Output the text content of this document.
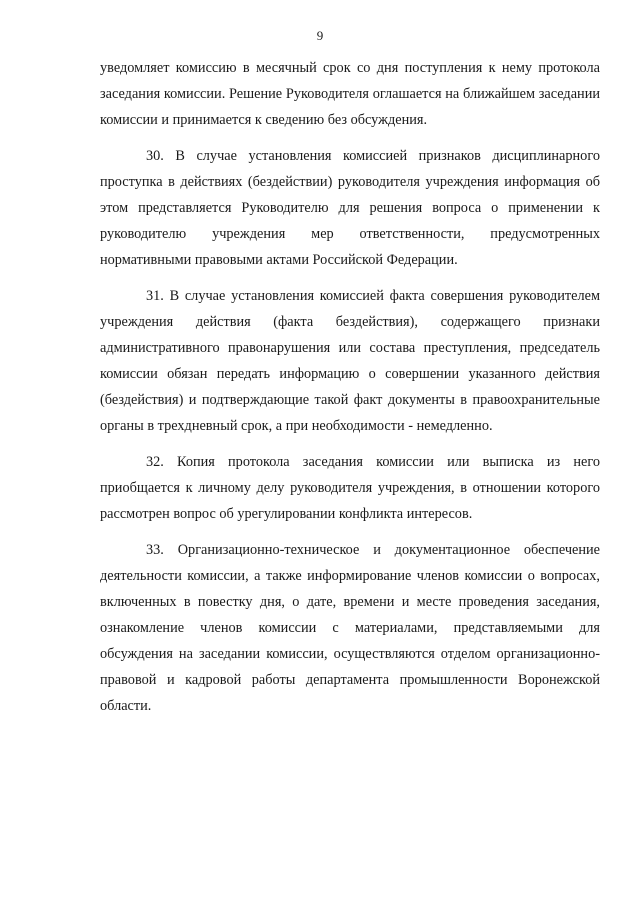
9

уведомляет комиссию в месячный срок со дня поступления к нему протокола заседания комиссии. Решение Руководителя оглашается на ближайшем заседании комиссии и принимается к сведению без обсуждения.

30. В случае установления комиссией признаков дисциплинарного проступка в действиях (бездействии) руководителя учреждения информация об этом представляется Руководителю для решения вопроса о применении к руководителю учреждения мер ответственности, предусмотренных нормативными правовыми актами Российской Федерации.

31. В случае установления комиссией факта совершения руководителем учреждения действия (факта бездействия), содержащего признаки административного правонарушения или состава преступления, председатель комиссии обязан передать информацию о совершении указанного действия (бездействия) и подтверждающие такой факт документы в правоохранительные органы в трехдневный срок, а при необходимости - немедленно.

32. Копия протокола заседания комиссии или выписка из него приобщается к личному делу руководителя учреждения, в отношении которого рассмотрен вопрос об урегулировании конфликта интересов.

33. Организационно-техническое и документационное обеспечение деятельности комиссии, а также информирование членов комиссии о вопросах, включенных в повестку дня, о дате, времени и месте проведения заседания, ознакомление членов комиссии с материалами, представляемыми для обсуждения на заседании комиссии, осуществляются отделом организационно-правовой и кадровой работы департамента промышленности Воронежской области.
